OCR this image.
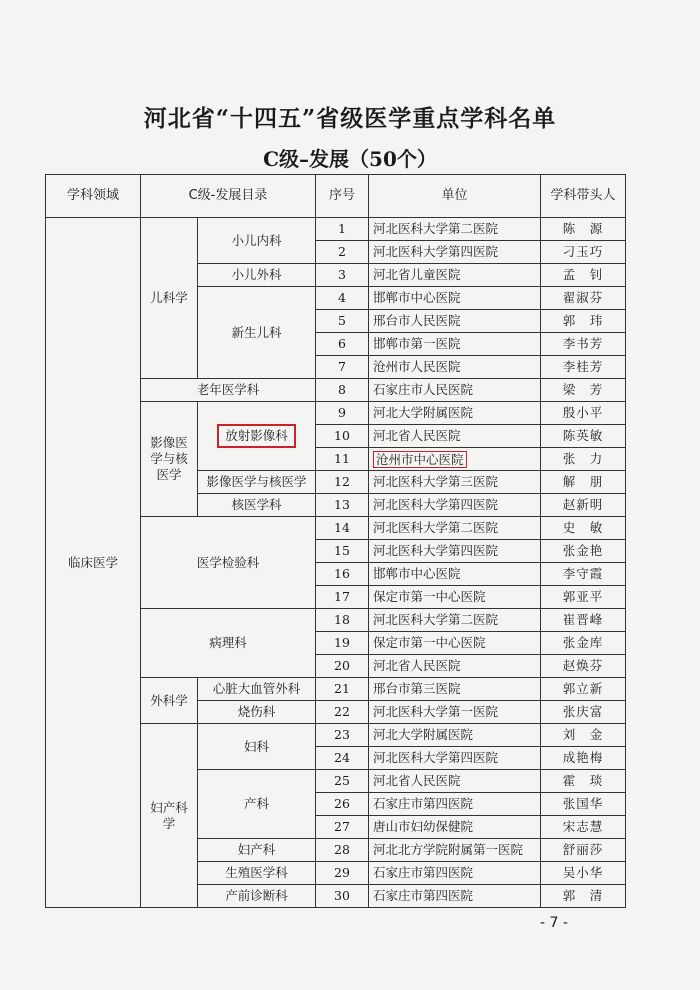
河北省“十四五”省级医学重点学科名单
C级–发展（50个）
学科领域	C级-发展目录		序号	单位	学科带头人
临床医学	儿科学	小儿内科	1	河北医科大学第二医院	陈　源
			2	河北医科大学第四医院	刁玉巧
		小儿外科	3	河北省儿童医院	孟　钊
		新生儿科	4	邯郸市中心医院	翟淑芬
			5	邢台市人民医院	郭　玮
			6	邯郸市第一医院	李书芳
			7	沧州市人民医院	李桂芳
	老年医学科		8	石家庄市人民医院	梁　芳
	影像医学与核医学	放射影像科	9	河北大学附属医院	殷小平
			10	河北省人民医院	陈英敏
			11	沧州市中心医院	张　力
		影像医学与核医学	12	河北医科大学第三医院	解　朋
		核医学科	13	河北医科大学第四医院	赵新明
	医学检验科		14	河北医科大学第二医院	史　敏
			15	河北医科大学第四医院	张金艳
			16	邯郸市中心医院	李守霞
			17	保定市第一中心医院	郭亚平
	病理科		18	河北医科大学第二医院	崔晋峰
			19	保定市第一中心医院	张金库
			20	河北省人民医院	赵焕芬
	外科学	心脏大血管外科	21	邢台市第三医院	郭立新
		烧伤科	22	河北医科大学第一医院	张庆富
	妇产科学	妇科	23	河北大学附属医院	刘　金
			24	河北医科大学第四医院	成艳梅
		产科	25	河北省人民医院	霍　琰
			26	石家庄市第四医院	张国华
			27	唐山市妇幼保健院	宋志慧
		妇产科	28	河北北方学院附属第一医院	舒丽莎
		生殖医学科	29	石家庄市第四医院	吴小华
		产前诊断科	30	石家庄市第四医院	郭　清
- 7 -
